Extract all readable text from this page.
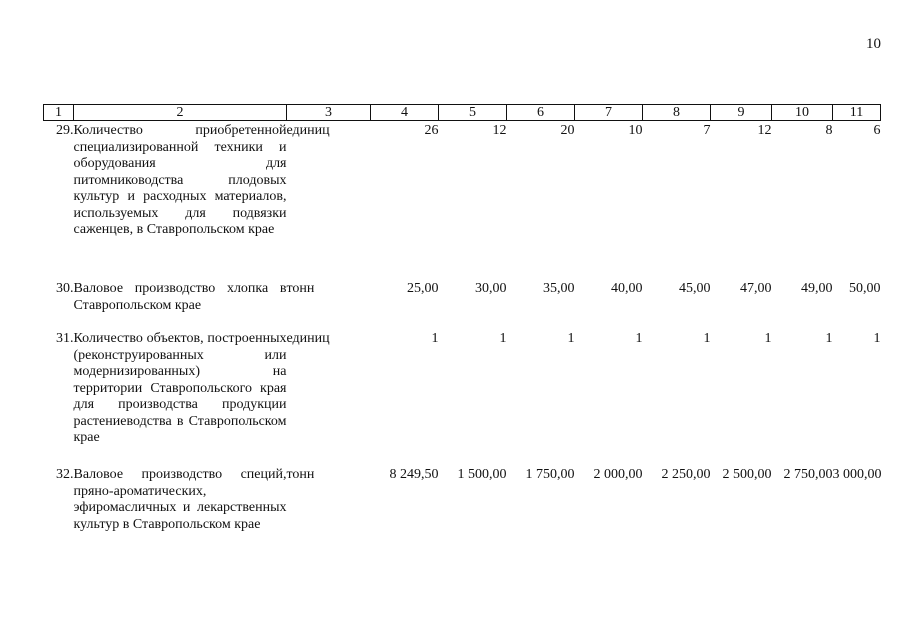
10
1	2	3	4	5	6	7	8	9	10	11
29.	Количество приобретенной специализированной техники и оборудования для питомниководства плодовых культур и расходных материалов, используемых для подвязки саженцев, в Ставропольском крае	единиц	26	12	20	10	7	12	8	6
30.	Валовое производство хлопка в Ставропольском крае	тонн	25,00	30,00	35,00	40,00	45,00	47,00	49,00	50,00
31.	Количество объектов, построенных (реконструированных или модернизированных) на территории Ставропольского края для производства продукции растениеводства в Ставропольском крае	единиц	1	1	1	1	1	1	1	1
32.	Валовое производство специй, пряно-ароматических, эфиромасличных и лекарственных культур в Ставропольском крае	тонн	8 249,50	1 500,00	1 750,00	2 000,00	2 250,00	2 500,00	2 750,00	3 000,00
